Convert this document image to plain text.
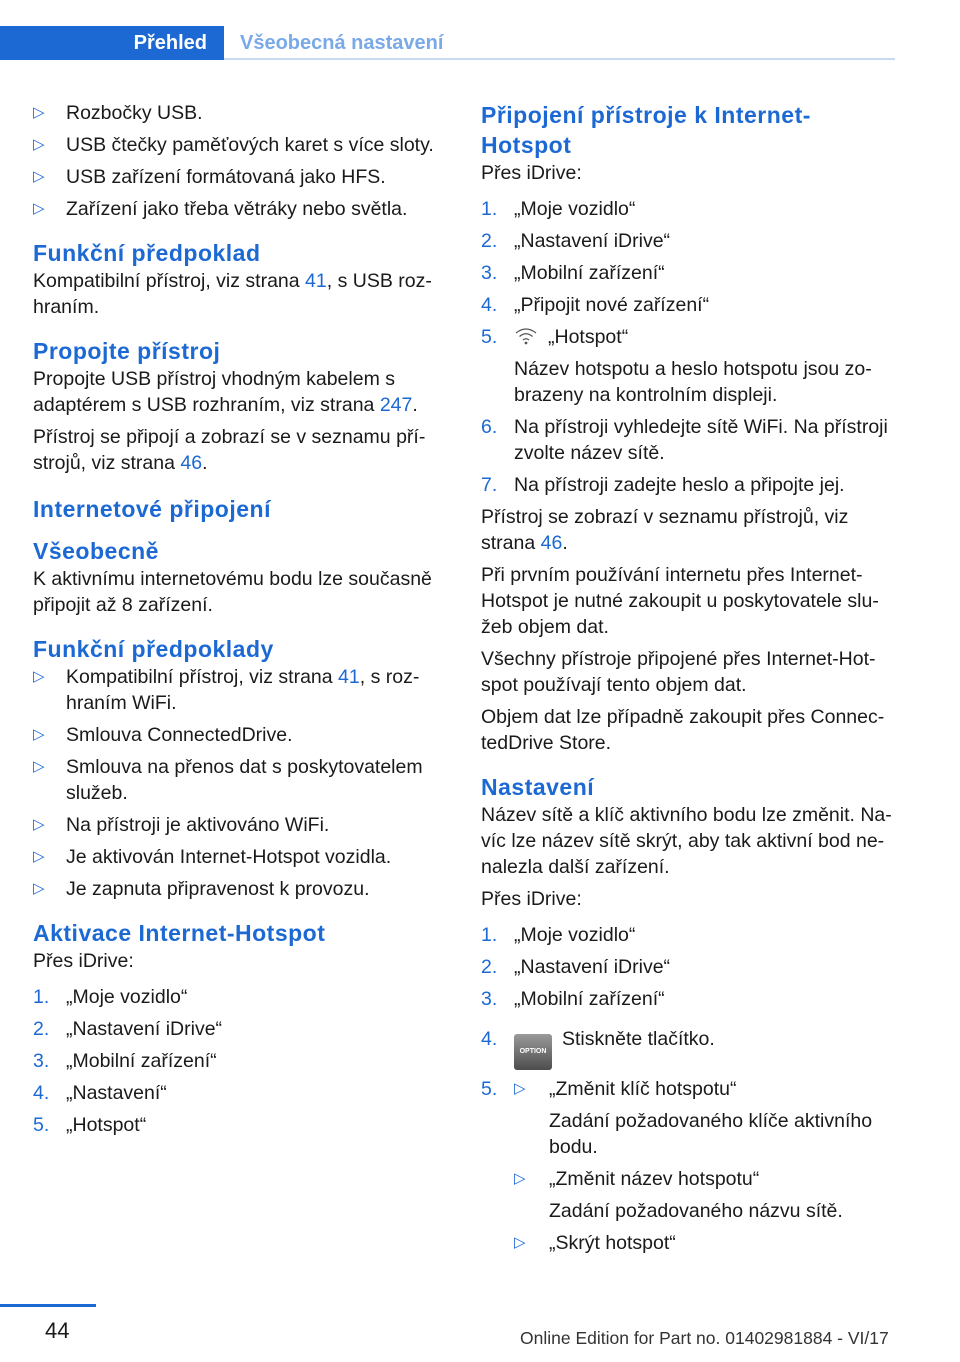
Přehled	Všeobecná nastavení
▷ Rozbočky USB.
▷ USB čtečky paměťových karet s více sloty.
▷ USB zařízení formátovaná jako HFS.
▷ Zařízení jako třeba větráky nebo světla.
Funkční předpoklad

Kompatibilní přístroj, viz strana 41, s USB roz‐hraním.

Propojte přístroj

Propojte USB přístroj vhodným kabelem s adaptérem s USB rozhraním, viz strana 247.

Přístroj se připojí a zobrazí se v seznamu pří‐strojů, viz strana 46.

Internetové připojení
Všeobecně

K aktivnímu internetovému bodu lze současně připojit až 8 zařízení.

Funkční předpoklady
▷ Kompatibilní přístroj, viz strana 41, s roz‐hraním WiFi.
▷ Smlouva ConnectedDrive.
▷ Smlouva na přenos dat s poskytovatelem služeb.
▷ Na přístroji je aktivováno WiFi.
▷ Je aktivován Internet-Hotspot vozidla.
▷ Je zapnuta připravenost k provozu.
Aktivace Internet-Hotspot

Přes iDrive:

1. „Moje vozidlo“
2. „Nastavení iDrive“
3. „Mobilní zařízení“
4. „Nastavení“
5. „Hotspot“
Připojení přístroje k Internet-Hotspot

Přes iDrive:

1. „Moje vozidlo“
2. „Nastavení iDrive“
3. „Mobilní zařízení“
4. „Připojit nové zařízení“
5.	„Hotspot“
Název hotspotu a heslo hotspotu jsou zo‐brazeny na kontrolním displeji.
6. Na přístroji vyhledejte sítě WiFi. Na přístroji zvolte název sítě.
7. Na přístroji zadejte heslo a připojte jej.

Přístroj se zobrazí v seznamu přístrojů, viz strana 46.

Při prvním používání internetu přes Internet-Hotspot je nutné zakoupit u poskytovatele slu‐žeb objem dat.

Všechny přístroje připojené přes Internet-Hot‐spot používají tento objem dat.

Objem dat lze případně zakoupit přes Connec‐tedDrive Store.

Nastavení

Název sítě a klíč aktivního bodu lze změnit. Na‐víc lze název sítě skrýt, aby tak aktivní bod ne‐nalezla další zařízení.

Přes iDrive:

1. „Moje vozidlo“
2. „Nastavení iDrive“
3. „Mobilní zařízení“
4.
OPTIONStiskněte tlačítko.
5. ▷ „Změnit klíč hotspotu“
Zadání požadovaného klíče aktivního bodu.
▷ „Změnit název hotspotu“
Zadání požadovaného názvu sítě.
▷ „Skrýt hotspot“
44	Online Edition for Part no. 01402981884 - VI/17
